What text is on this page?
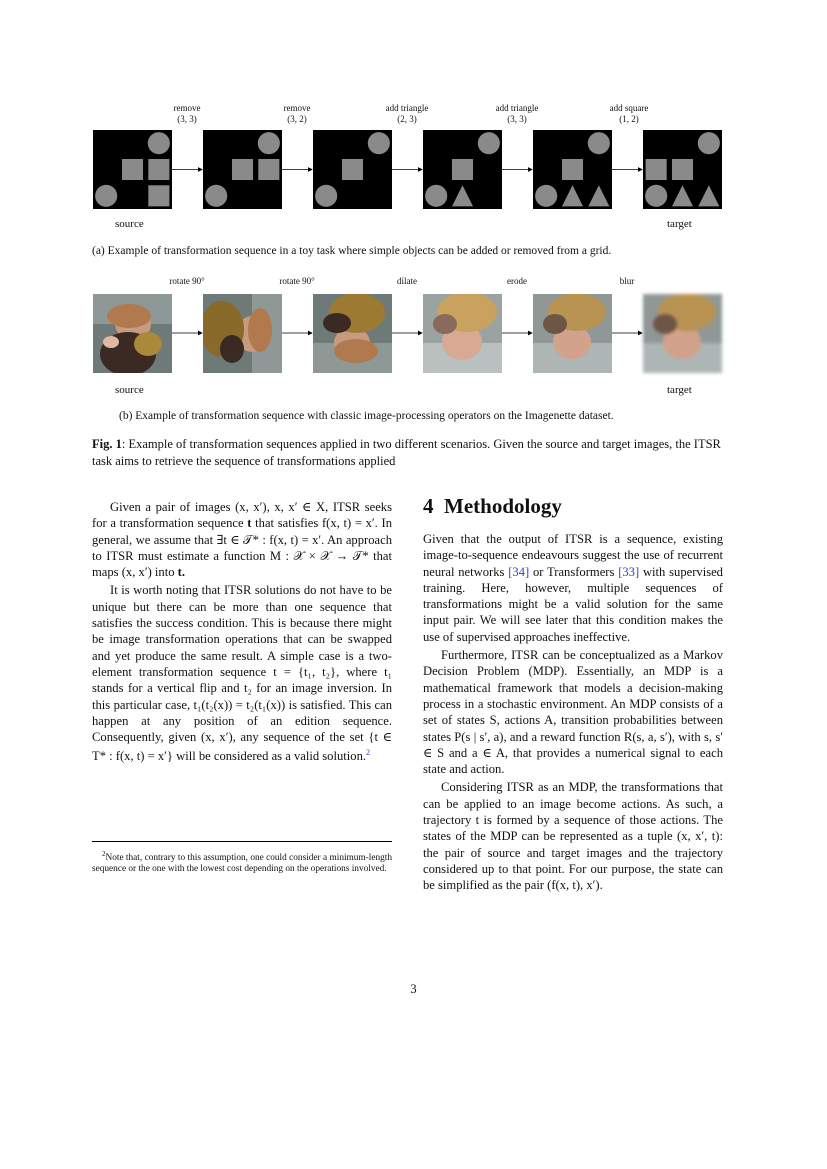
remove
(3, 3)
remove
(3, 2)
add triangle
(2, 3)
add triangle
(3, 3)
add square
(1, 2)
source	target
(a) Example of transformation sequence in a toy task where simple objects can be added or removed from a grid.
rotate 90°	rotate 90°	dilate	erode	blur
source	target
(b) Example of transformation sequence with classic image-processing operators on the Imagenette dataset.
Fig. 1: Example of transformation sequences applied in two different scenarios. Given the source and target images, the ITSR task aims to retrieve the sequence of transformations applied

Given a pair of images (x, x′), x, x′ ∈ X, ITSR seeks for a transformation sequence t that satisfies f(x, t) = x′. In general, we assume that ∃t ∈ 𝒯* : f(x, t) = x′. An approach to ITSR must estimate a function M : 𝒳 × 𝒳 → 𝒯* that maps (x, x′) into t.

It is worth noting that ITSR solutions do not have to be unique but there can be more than one sequence that satisfies the success condition. This is because there might be image transformation operations that can be swapped and yet produce the same result. A simple case is a two-element transformation sequence t = {t₁, t₂}, where t₁ stands for a vertical flip and t₂ for an image inversion. In this particular case, t₁(t₂(x)) = t₂(t₁(x)) is satisfied. This can happen at any position of an edition sequence. Consequently, given (x, x′), any sequence of the set {t ∈ T* : f(x, t) = x′} will be considered as a valid solution.$^2$

$^2$Note that, contrary to this assumption, one could consider a minimum-length sequence or the one with the lowest cost depending on the operations involved.
4 Methodology

Given that the output of ITSR is a sequence, existing image-to-sequence endeavours suggest the use of recurrent neural networks [34] or Transformers [33] with supervised training. Here, however, multiple sequences of transformations might be a valid solution for the same input pair. We will see later that this condition makes the use of supervised approaches ineffective.

Furthermore, ITSR can be conceptualized as a Markov Decision Problem (MDP). Essentially, an MDP is a mathematical framework that models a decision-making process in a stochastic environment. An MDP consists of a set of states S, actions A, transition probabilities between states P(s | s′, a), and a reward function R(s, a, s′), with s, s′ ∈ S and a ∈ A, that provides a numerical signal to each state and action.

Considering ITSR as an MDP, the transformations that can be applied to an image become actions. As such, a trajectory t is formed by a sequence of those actions. The states of the MDP can be represented as a tuple (x, x′, t): the pair of source and target images and the trajectory considered up to that point. For our purpose, the state can be simplified as the pair (f(x, t), x′).

3
